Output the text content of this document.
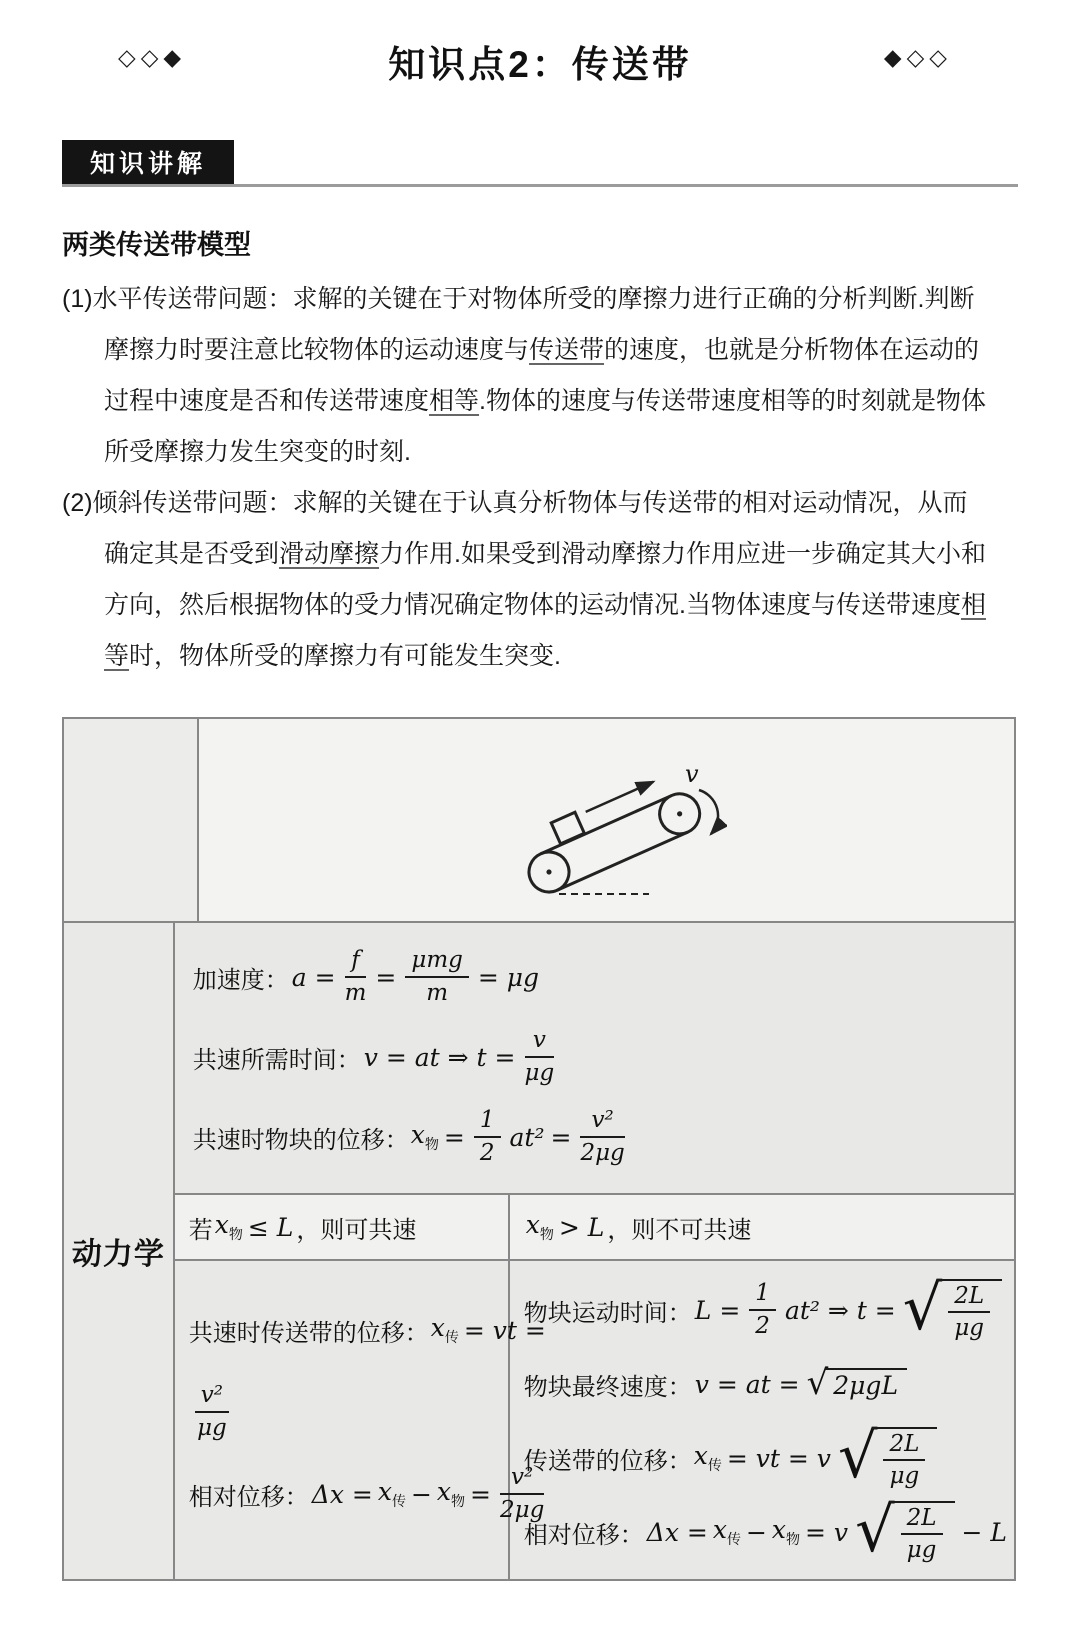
◇◇◆	知识点2：传送带	◆◇◇
知识讲解
两类传送带模型
(1)水平传送带问题：求解的关键在于对物体所受的摩擦力进行正确的分析判断.判断
摩擦力时要注意比较物体的运动速度与传送带的速度，也就是分析物体在运动的
过程中速度是否和传送带速度相等.物体的速度与传送带速度相等的时刻就是物体
所受摩擦力发生突变的时刻.
(2)倾斜传送带问题：求解的关键在于认真分析物体与传送带的相对运动情况，从而
确定其是否受到滑动摩擦力作用.如果受到滑动摩擦力作用应进一步确定其大小和
方向，然后根据物体的受力情况确定物体的运动情况.当物体速度与传送带速度相
等时，物体所受的摩擦力有可能发生突变.
v
动力学
加速度： $a = \frac{f}{m} = \frac{\text{μmg}}{m} = \mu g$
共速所需时间： v = at ⇒ $t = \frac{v}{\mu g}$
共速时物块的位移： x物 = $\frac{1}{2} at^2 = \frac{\text{v²}}{2\mu g}$
若 x物 ≤ L ，则可共速	x物 > L ，则不可共速
共速时传送带的位移： x传 = vt =
$\frac{\text{v²}}{\mu g}$
相对位移： Δx = x传 − x物 = $\frac{\text{v²}}{2\mu g}$
物块运动时间： $L = \frac{1}{2} at^2$ ⇒ t = √ $\frac{2L}{\mu g}$
物块最终速度： v = at = √ 2μgL
传送带的位移： x传 = vt = v √ $\frac{2L}{\mu g}$
相对位移： Δx = x传 − x物 = v √ $\frac{2L}{\mu g} - L$
